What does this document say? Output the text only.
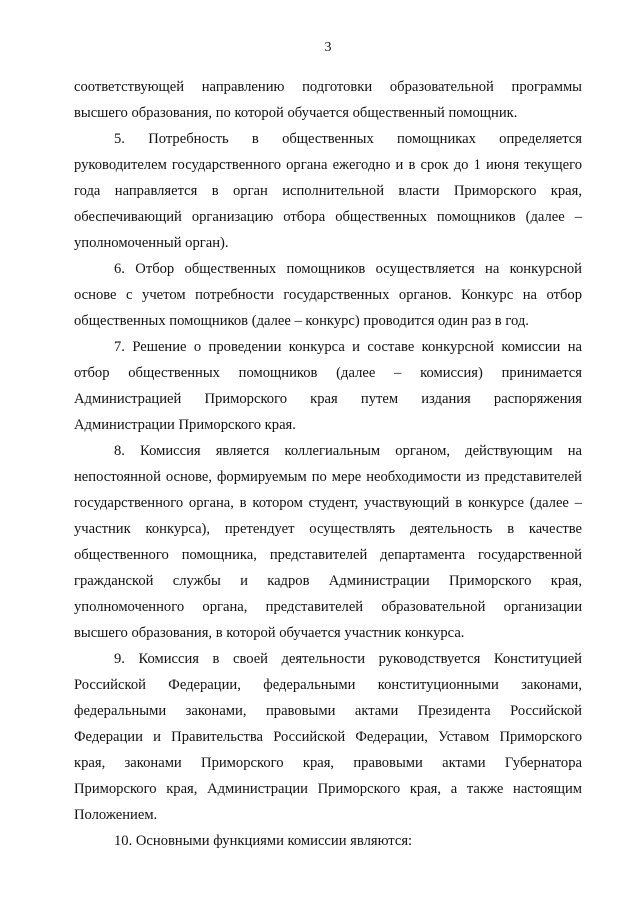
3
соответствующей направлению подготовки образовательной программы
высшего образования, по которой обучается общественный помощник.
5. Потребность в общественных помощниках определяется
руководителем государственного органа ежегодно и в срок до 1 июня текущего
года направляется в орган исполнительной власти Приморского края,
обеспечивающий организацию отбора общественных помощников (далее –
уполномоченный орган).
6. Отбор общественных помощников осуществляется на конкурсной
основе с учетом потребности государственных органов. Конкурс на отбор
общественных помощников (далее – конкурс) проводится один раз в год.
7. Решение о проведении конкурса и составе конкурсной комиссии на
отбор общественных помощников (далее – комиссия) принимается
Администрацией Приморского края путем издания распоряжения
Администрации Приморского края.
8. Комиссия является коллегиальным органом, действующим на
непостоянной основе, формируемым по мере необходимости из представителей
государственного органа, в котором студент, участвующий в конкурсе (далее –
участник конкурса), претендует осуществлять деятельность в качестве
общественного помощника, представителей департамента государственной
гражданской службы и кадров Администрации Приморского края,
уполномоченного органа, представителей образовательной организации
высшего образования, в которой обучается участник конкурса.
9. Комиссия в своей деятельности руководствуется Конституцией
Российской Федерации, федеральными конституционными законами,
федеральными законами, правовыми актами Президента Российской
Федерации и Правительства Российской Федерации, Уставом Приморского
края, законами Приморского края, правовыми актами Губернатора
Приморского края, Администрации Приморского края, а также настоящим
Положением.
10. Основными функциями комиссии являются:
